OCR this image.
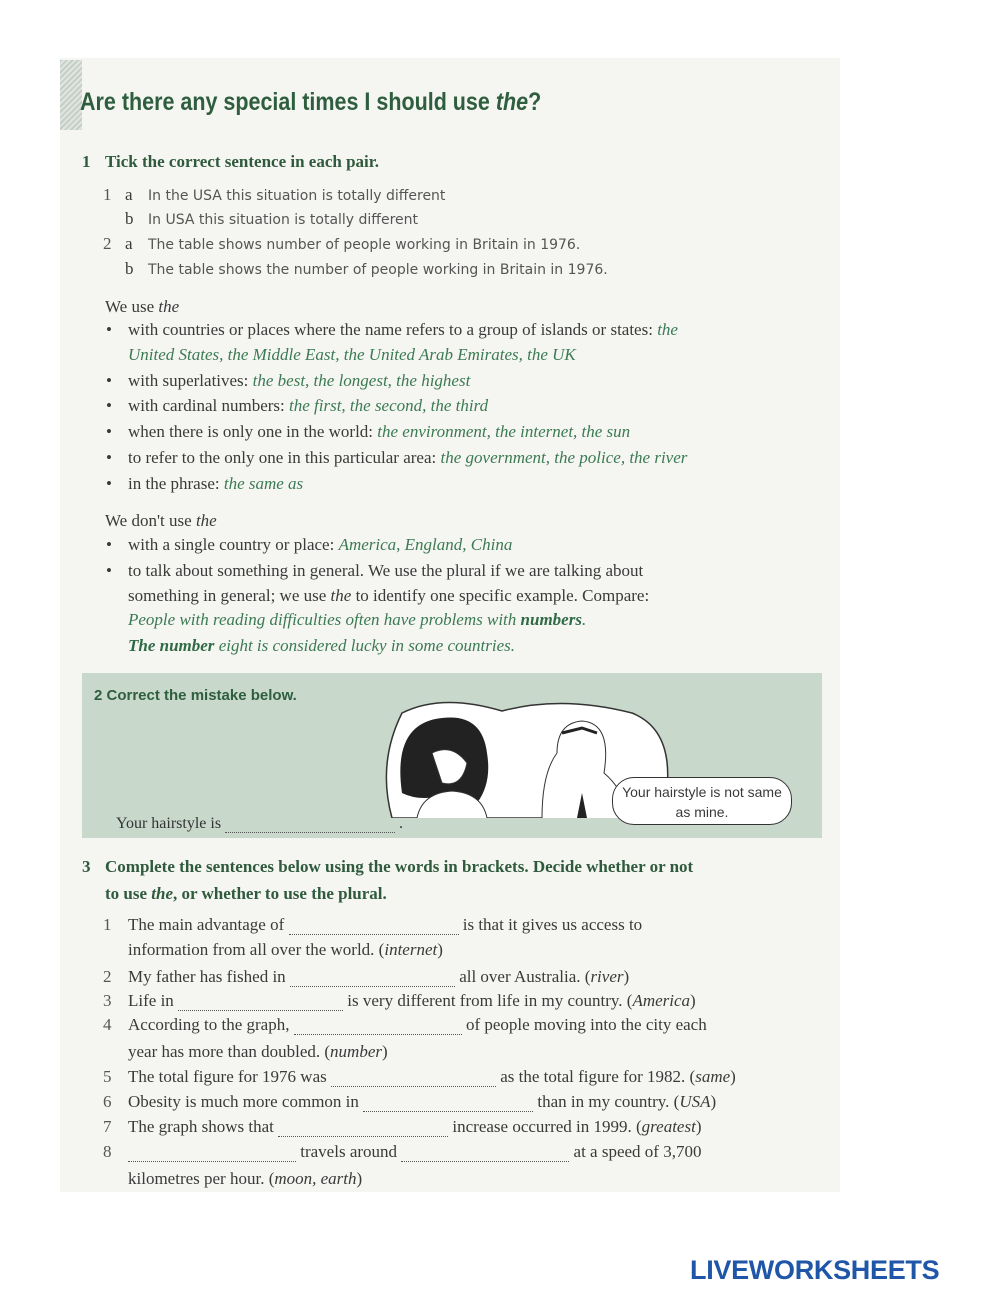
Are there any special times I should use the?
2 Correct the mistake below.
Your hairstyle is not same as mine.
Your hairstyle is	.
LIVEWORKSHEETS
1 Tick the correct sentence in each pair.
1 a In the USA this situation is totally different
b In USA this situation is totally different
2 a The table shows number of people working in Britain in 1976.
b The table shows the number of people working in Britain in 1976.
We use the
• with countries or places where the name refers to a group of islands or states: the
United States, the Middle East, the United Arab Emirates, the UK
• with superlatives: the best, the longest, the highest
• with cardinal numbers: the first, the second, the third
• when there is only one in the world: the environment, the internet, the sun
• to refer to the only one in this particular area: the government, the police, the river
• in the phrase: the same as
We don't use the
• with a single country or place: America, England, China
• to talk about something in general. We use the plural if we are talking about
something in general; we use the to identify one specific example. Compare:
People with reading difficulties often have problems with numbers.
The number eight is considered lucky in some countries.
3 Complete the sentences below using the words in brackets. Decide whether or not
to use the, or whether to use the plural.
1 The main advantage of	is that it gives us access to
information from all over the world. (internet)
2 My father has fished in	all over Australia. (river)
3 Life in	is very different from life in my country. (America)
4 According to the graph,	of people moving into the city each
year has more than doubled. (number)
5 The total figure for 1976 was	as the total figure for 1982. (same)
6 Obesity is much more common in	than in my country. (USA)
7 The graph shows that	increase occurred in 1999. (greatest)
8	travels around	at a speed of 3,700
kilometres per hour. (moon, earth)
